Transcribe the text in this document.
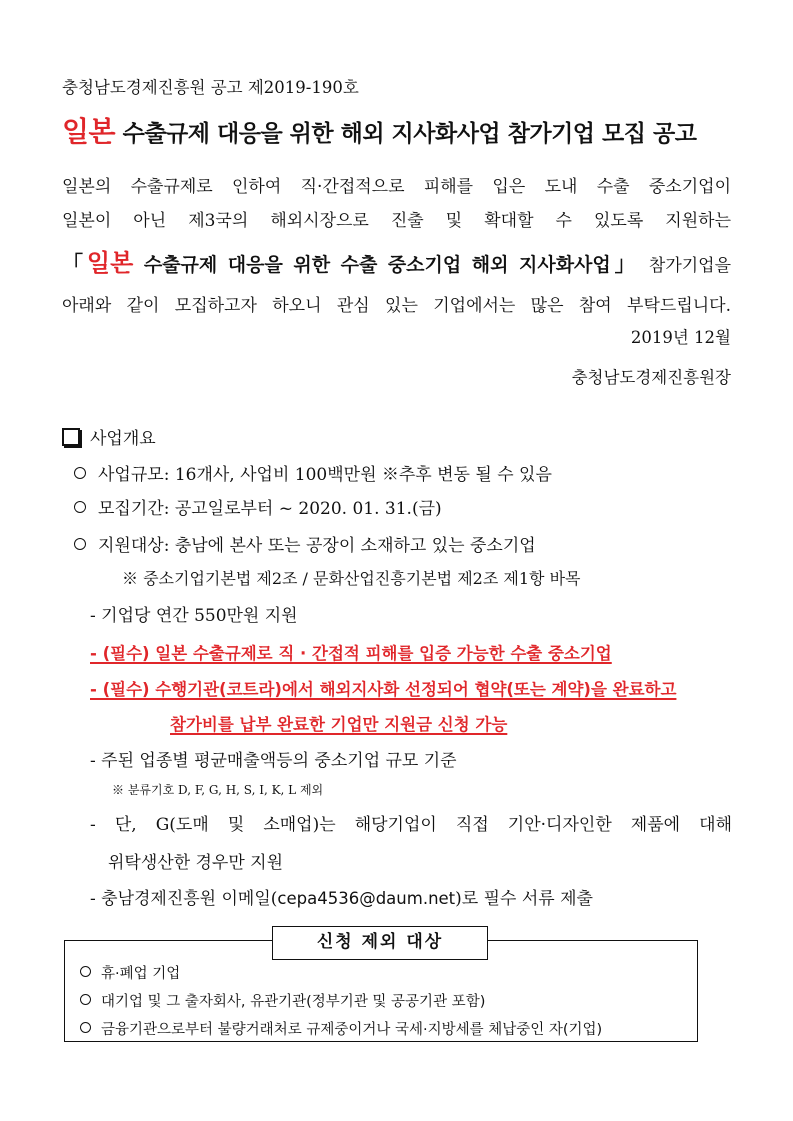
충청남도경제진흥원 공고 제2019-190호
일본 수출규제 대응을 위한 해외 지사화사업 참가기업 모집 공고
일본의 수출규제로 인하여 직·간접적으로 피해를 입은 도내 수출 중소기업이
일본이 아닌 제3국의 해외시장으로 진출 및 확대할 수 있도록 지원하는
「일본 수출규제 대응을 위한 수출 중소기업 해외 지사화사업」 참가기업을
아래와 같이 모집하고자 하오니 관심 있는 기업에서는 많은 참여 부탁드립니다.
2019년 12월
충청남도경제진흥원장
사업개요
사업규모: 16개사, 사업비 100백만원 ※추후 변동 될 수 있음
모집기간: 공고일로부터 ~ 2020. 01. 31.(금)
지원대상: 충남에 본사 또는 공장이 소재하고 있는 중소기업
※ 중소기업기본법 제2조 / 문화산업진흥기본법 제2조 제1항 바목
- 기업당 연간 550만원 지원
- (필수) 일본 수출규제로 직 · 간접적 피해를 입증 가능한 수출 중소기업
- (필수) 수행기관(코트라)에서 해외지사화 선정되어 협약(또는 계약)을 완료하고
참가비를 납부 완료한 기업만 지원금 신청 가능
- 주된 업종별 평균매출액등의 중소기업 규모 기준
※ 분류기호 D, F, G, H, S, I, K, L 제외
- 단, G(도매 및 소매업)는 해당기업이 직접 기안·디자인한 제품에 대해
위탁생산한 경우만 지원
- 충남경제진흥원 이메일(cepa4536@daum.net)로 필수 서류 제출
신청 제외 대상
휴·폐업 기업
대기업 및 그 출자회사, 유관기관(정부기관 및 공공기관 포함)
금융기관으로부터 불량거래처로 규제중이거나 국세·지방세를 체납중인 자(기업)
